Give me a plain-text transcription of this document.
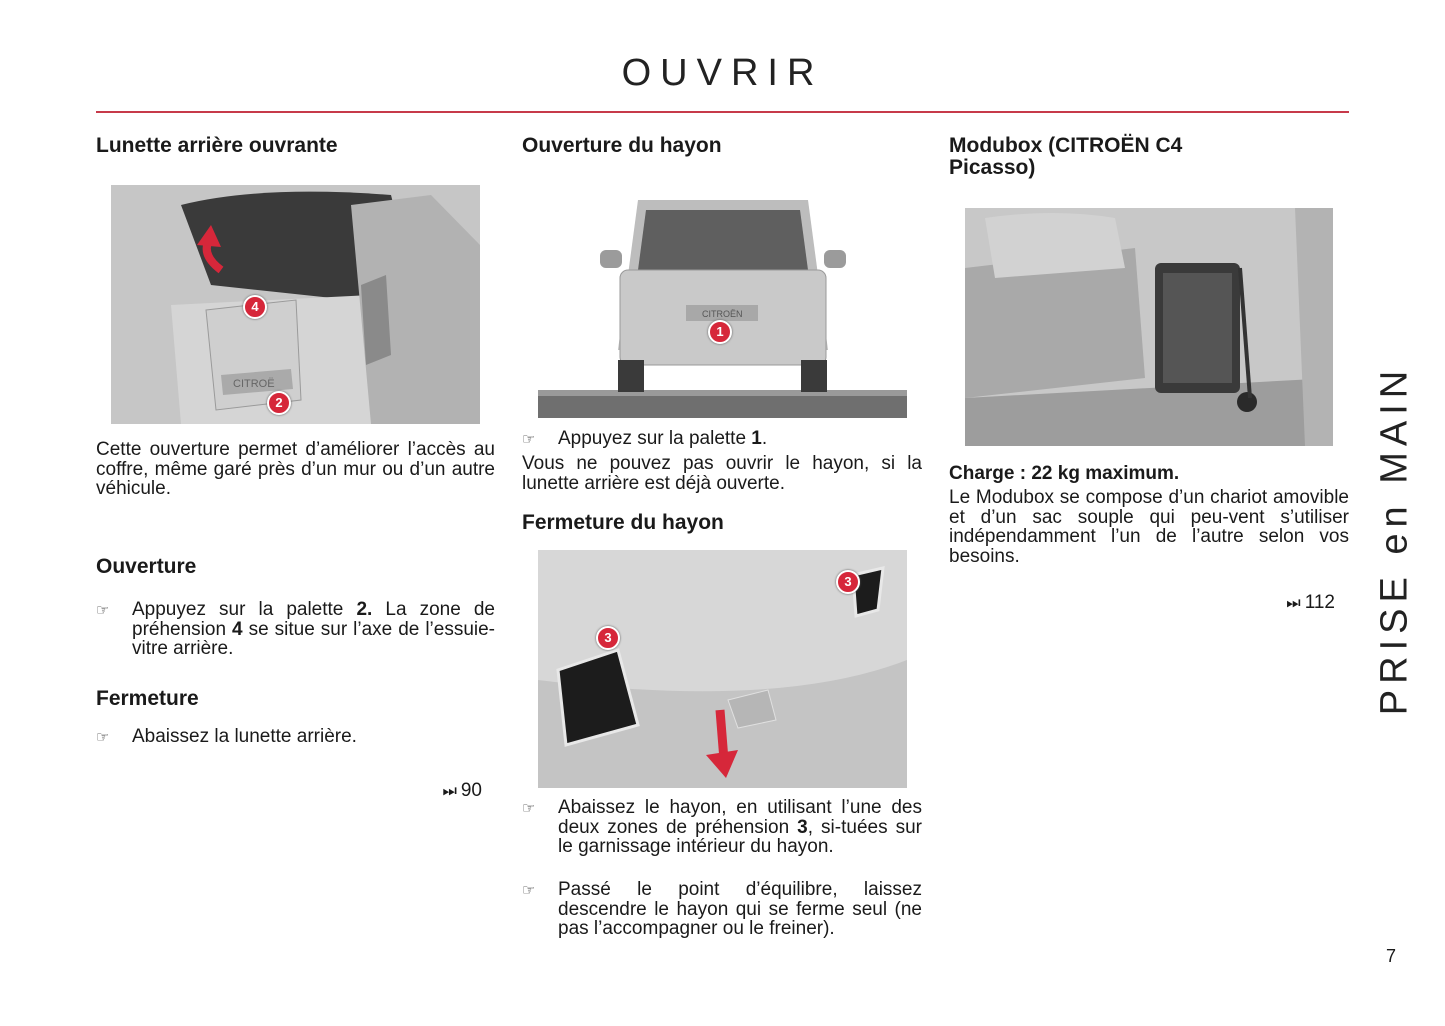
OUVRIR
Lunette arrière ouvrante
CITROË
4
2

Cette ouverture permet d’améliorer l’accès au coffre, même garé près d’un mur ou d’un autre véhicule.

Ouverture
☞ Appuyez sur la palette 2. La zone de préhension 4 se situe sur l’axe de l’essuie-vitre arrière.
Fermeture
☞ Abaissez la lunette arrière.
⏭ 90
Ouverture du hayon
CITROËN
1
☞ Appuyez sur la palette 1.

Vous ne pouvez pas ouvrir le hayon, si la lunette arrière est déjà ouverte.

Fermeture du hayon
3
3
☞ Abaissez le hayon, en utilisant l’une des deux zones de préhension 3, si-tuées sur le garnissage intérieur du hayon.
☞ Passé le point d’équilibre, laissez descendre le hayon qui se ferme seul (ne pas l’accompagner ou le freiner).
Modubox (CITROËN C4 Picasso)
Charge : 22 kg maximum.

Le Modubox se compose d’un chariot amovible et d’un sac souple qui peu-vent s’utiliser indépendamment l’un de l’autre selon vos besoins.

⏭ 112 PRISE en MAIN
7
